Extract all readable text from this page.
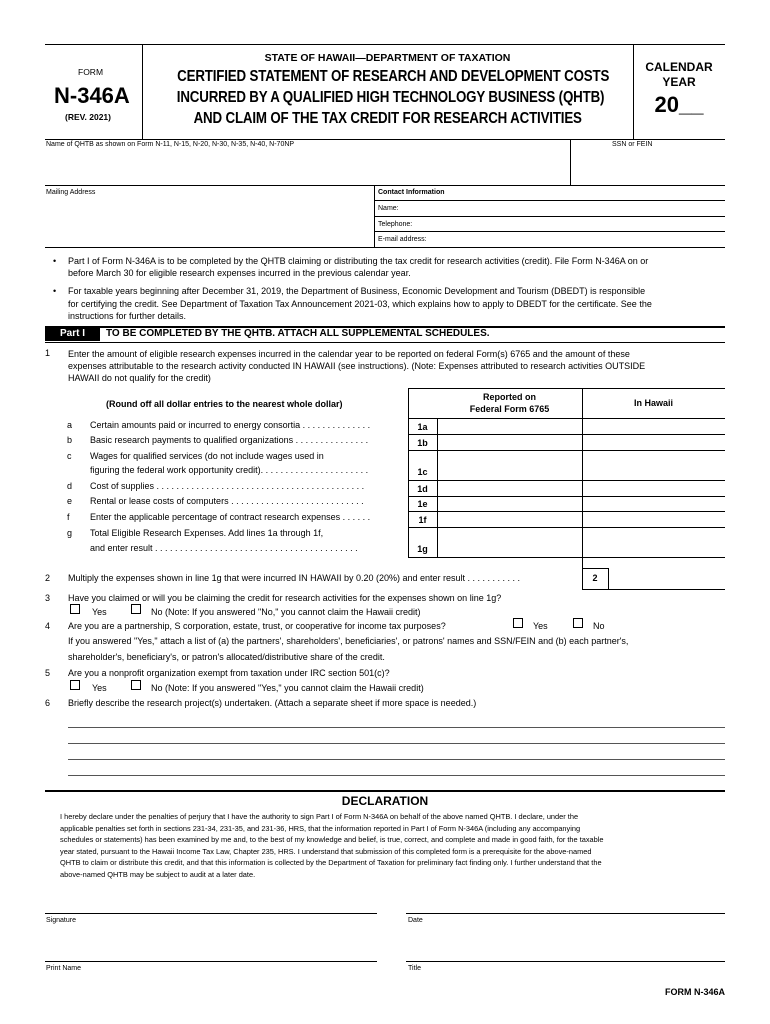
FORM
N-346A
(REV. 2021)
STATE OF HAWAII—DEPARTMENT OF TAXATION
CERTIFIED STATEMENT OF RESEARCH AND DEVELOPMENT COSTS
INCURRED BY A QUALIFIED HIGH TECHNOLOGY BUSINESS (QHTB)
AND CLAIM OF THE TAX CREDIT FOR RESEARCH ACTIVITIES
CALENDAR
YEAR
20__
Name of QHTB as shown on Form N-11, N-15, N-20, N-30, N-35, N-40, N-70NP	SSN or FEIN
Mailing Address	Contact Information
Name:
Telephone:
E-mail address:
• Part I of Form N-346A is to be completed by the QHTB claiming or distributing the tax credit for research activities (credit). File Form N-346A on or
before March 30 for eligible research expenses incurred in the previous calendar year.
• For taxable years beginning after December 31, 2019, the Department of Business, Economic Development and Tourism (DBEDT) is responsible
for certifying the credit. See Department of Taxation Tax Announcement 2021-03, which explains how to apply to DBEDT for the certificate. See the
instructions for further details.
Part I	TO BE COMPLETED BY THE QHTB. ATTACH ALL SUPPLEMENTAL SCHEDULES.
1 Enter the amount of eligible research expenses incurred in the calendar year to be reported on federal Form(s) 6765 and the amount of these
expenses attributable to the research activity conducted IN HAWAII (see instructions). (Note: Expenses attributed to research activities OUTSIDE
HAWAII do not qualify for the credit)
(Round off all dollar entries to the nearest whole dollar)
Reported on
Federal Form 6765
In Hawaii
a Certain amounts paid or incurred to energy consortia . . . . . . . . . . . . . .	1a
b Basic research payments to qualified organizations . . . . . . . . . . . . . . .	1b
c Wages for qualified services (do not include wages used in
figuring the federal work opportunity credit). . . . . . . . . . . . . . . . . . . . . .	1c
d Cost of supplies . . . . . . . . . . . . . . . . . . . . . . . . . . . . . . . . . . . . . . . . . .	1d
e Rental or lease costs of computers . . . . . . . . . . . . . . . . . . . . . . . . . . .	1e
f Enter the applicable percentage of contract research expenses . . . . . .	1f
g Total Eligible Research Expenses. Add lines 1a through 1f,
and enter result . . . . . . . . . . . . . . . . . . . . . . . . . . . . . . . . . . . . . . . . .	1g
2 Multiply the expenses shown in line 1g that were incurred IN HAWAII by 0.20 (20%) and enter result . . . . . . . . . . .	2
3 Have you claimed or will you be claiming the credit for research activities for the expenses shown on line 1g?
Yes	No (Note: If you answered "No," you cannot claim the Hawaii credit)
4 Are you are a partnership, S corporation, estate, trust, or cooperative for income tax purposes?	Yes	No
If you answered "Yes," attach a list of (a) the partners', shareholders', beneficiaries', or patrons' names and SSN/FEIN and (b) each partner's,
shareholder's, beneficiary's, or patron's allocated/distributive share of the credit.
5 Are you a nonprofit organization exempt from taxation under IRC section 501(c)?
Yes	No (Note: If you answered "Yes," you cannot claim the Hawaii credit)
6 Briefly describe the research project(s) undertaken. (Attach a separate sheet if more space is needed.)
DECLARATION
I hereby declare under the penalties of perjury that I have the authority to sign Part I of Form N-346A on behalf of the above named QHTB. I declare, under the
applicable penalties set forth in sections 231-34, 231-35, and 231-36, HRS, that the information reported in Part I of Form N-346A (including any accompanying
schedules or statements) has been examined by me and, to the best of my knowledge and belief, is true, correct, and complete and made in good faith, for the taxable
year stated, pursuant to the Hawaii Income Tax Law, Chapter 235, HRS. I understand that submission of this completed form is a prerequisite for the above-named
QHTB to claim or distribute this credit, and that this information is collected by the Department of Taxation for preliminary fact finding only. I further understand that the
above-named QHTB may be subject to audit at a later date.
Signature	Date
Print Name	Title
FORM N-346A
